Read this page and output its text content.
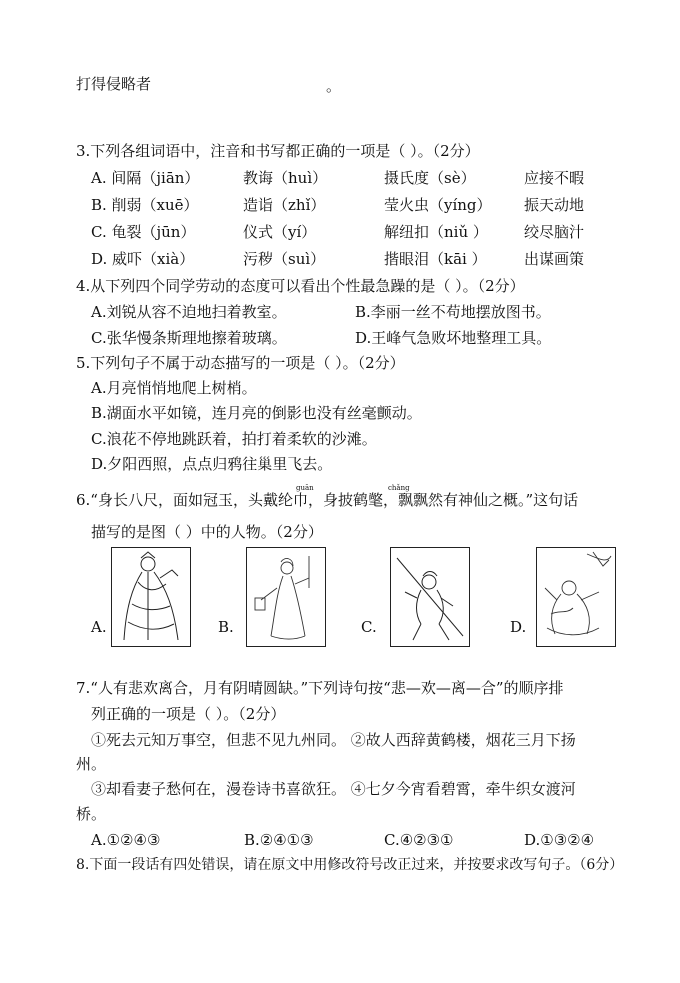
打得侵略者	。
3.下列各组词语中，注音和书写都正确的一项是（ ）。（2分）
A. 间隔（jiān）	教诲（huì）	摄氏度（sè）	应接不暇
B. 削弱（xuē）	造诣（zhǐ）	莹火虫（yíng） 振天动地
C. 龟裂（jūn）	仪式（yí）	解纽扣（niǔ ） 绞尽脑汁
D. 威吓（xià）	污秽（suì）	揩眼泪（kāi ） 出谋画策
4.从下列四个同学劳动的态度可以看出个性最急躁的是（ ）。（2分）
A.刘锐从容不迫地扫着教室。	B.李丽一丝不苟地摆放图书。
C.张华慢条斯理地擦着玻璃。	D.王峰气急败坏地整理工具。
5.下列句子不属于动态描写的一项是（ ）。（2分）
A.月亮悄悄地爬上树梢。
B.湖面水平如镜，连月亮的倒影也没有丝毫颤动。
C.浪花不停地跳跃着，拍打着柔软的沙滩。
D.夕阳西照，点点归鸦往巢里飞去。
guān	chǎng
6.“身长八尺，面如冠玉，头戴纶巾，身披鹤氅，飘飘然有神仙之概。”这句话
描写的是图（ ）中的人物。（2分）
A.	B.	C.	D.
7.“人有悲欢离合，月有阴晴圆缺。”下列诗句按“悲—欢—离—合”的顺序排
列正确的一项是（ ）。（2分）
①死去元知万事空，但悲不见九州同。 ②故人西辞黄鹤楼，烟花三月下扬
州。
③却看妻子愁何在，漫卷诗书喜欲狂。 ④七夕今宵看碧霄，牵牛织女渡河
桥。
A.①②④③	B.②④①③	C.④②③①	D.①③②④
8.下面一段话有四处错误，请在原文中用修改符号改正过来，并按要求改写句子。（6分）
